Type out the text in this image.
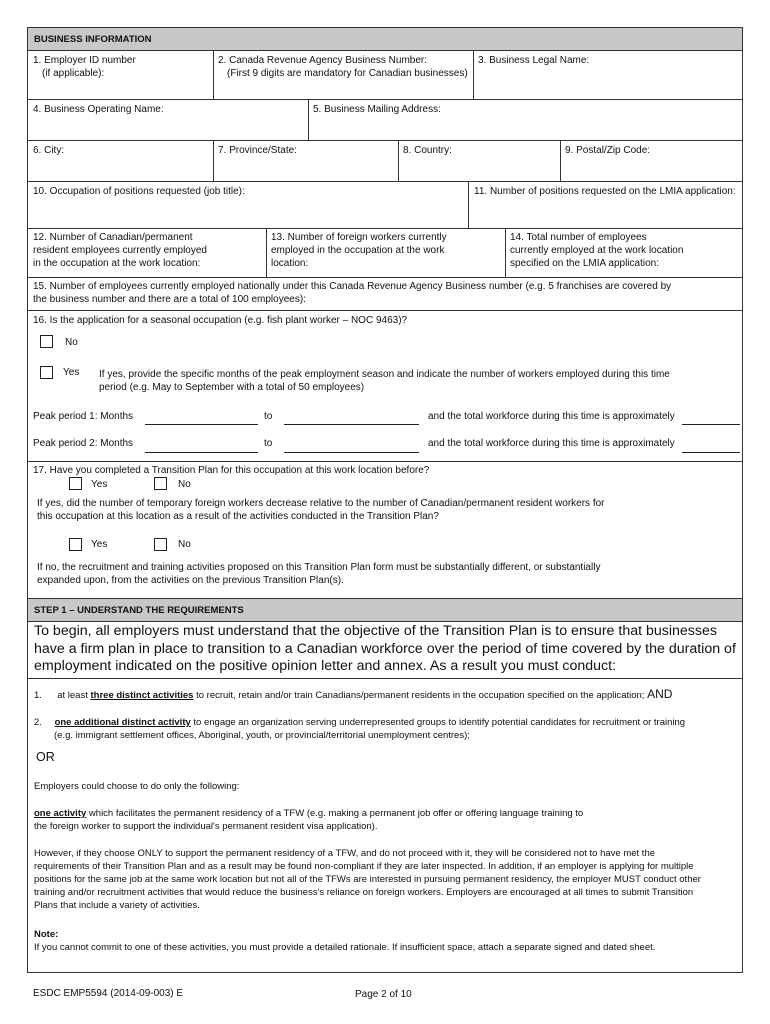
BUSINESS INFORMATION
1. Employer ID number
(if applicable):
2. Canada Revenue Agency Business Number:
(First 9 digits are mandatory for Canadian businesses)
3. Business Legal Name:
4. Business Operating Name:	5. Business Mailing Address:
6. City:	7. Province/State:	8. Country:	9. Postal/Zip Code:
10. Occupation of positions requested (job title):	11. Number of positions requested on the LMIA application:
12. Number of Canadian/permanent
resident employees currently employed
in the occupation at the work location:
13. Number of foreign workers currently
employed in the occupation at the work
location:
14. Total number of employees
currently employed at the work location
specified on the LMIA application:
15. Number of employees currently employed nationally under this Canada Revenue Agency Business number (e.g. 5 franchises are covered by
the business number and there are a total of 100 employees):
16. Is the application for a seasonal occupation (e.g. fish plant worker – NOC 9463)?
No
Yes If yes, provide the specific months of the peak employment season and indicate the number of workers employed during this time
period (e.g. May to September with a total of 50 employees)
Peak period 1: Months	to	and the total workforce during this time is approximately
Peak period 2: Months	to	and the total workforce during this time is approximately
17. Have you completed a Transition Plan for this occupation at this work location before?
Yes	No
If yes, did the number of temporary foreign workers decrease relative to the number of Canadian/permanent resident workers for
this occupation at this location as a result of the activities conducted in the Transition Plan?
Yes	No
If no, the recruitment and training activities proposed on this Transition Plan form must be substantially different, or substantially
expanded upon, from the activities on the previous Transition Plan(s).
STEP 1 – UNDERSTAND THE REQUIREMENTS
To begin, all employers must understand that the objective of the Transition Plan is to ensure that businesses have a firm plan in place to transition to a Canadian workforce over the period of time covered by the duration of employment indicated on the positive opinion letter and annex. As a result you must conduct:
1. at least three distinct activities to recruit, retain and/or train Canadians/permanent residents in the occupation specified on the application; AND
2. one additional distinct activity to engage an organization serving underrepresented groups to identify potential candidates for recruitment or training
(e.g. immigrant settlement offices, Aboriginal, youth, or provincial/territorial unemployment centres);
OR
Employers could choose to do only the following:
one activity which facilitates the permanent residency of a TFW (e.g. making a permanent job offer or offering language training to
the foreign worker to support the individual's permanent resident visa application).
However, if they choose ONLY to support the permanent residency of a TFW, and do not proceed with it, they will be considered not to have met the
requirements of their Transition Plan and as a result may be found non-compliant if they are later inspected. In addition, if an employer is applying for multiple
positions for the same job at the same work location but not all of the TFWs are interested in pursuing permanent residency, the employer MUST conduct other
training and/or recruitment activities that would reduce the business's reliance on foreign workers. Employers are encouraged at all times to submit Transition
Plans that include a variety of activities.
Note:
If you cannot commit to one of these activities, you must provide a detailed rationale. If insufficient space, attach a separate signed and dated sheet.
ESDC EMP5594 (2014-09-003) E	Page 2 of 10
